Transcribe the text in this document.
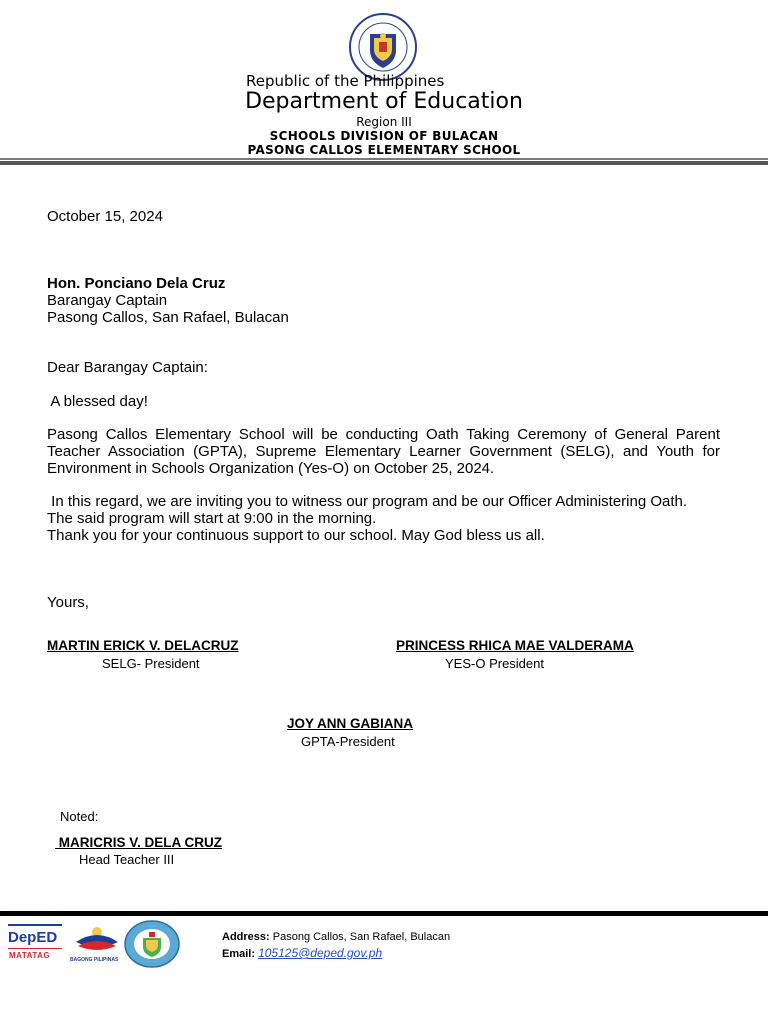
Republic of the Philippines
Department of Education
Region III
SCHOOLS DIVISION OF BULACAN
PASONG CALLOS ELEMENTARY SCHOOL
October 15, 2024
Hon. Ponciano Dela Cruz
Barangay Captain
Pasong Callos, San Rafael, Bulacan
Dear Barangay Captain:
A blessed day!
Pasong Callos Elementary School will be conducting Oath Taking Ceremony of General Parent Teacher Association (GPTA), Supreme Elementary Learner Government (SELG), and Youth for Environment in Schools Organization (Yes-O) on October 25, 2024.
In this regard, we are inviting you to witness our program and be our Officer Administering Oath.
The said program will start at 9:00 in the morning.
Thank you for your continuous support to our school. May God bless us all.
Yours,
MARTIN ERICK V. DELACRUZ
SELG- President
PRINCESS RHICA MAE VALDERAMA
YES-O President
JOY ANN GABIANA
GPTA-President
Noted:
MARICRIS V. DELA CRUZ
Head Teacher III
DepED
MATATAG	BAGONG PILIPINAS
Address: Pasong Callos, San Rafael, Bulacan
Email: 105125@deped.gov.ph
